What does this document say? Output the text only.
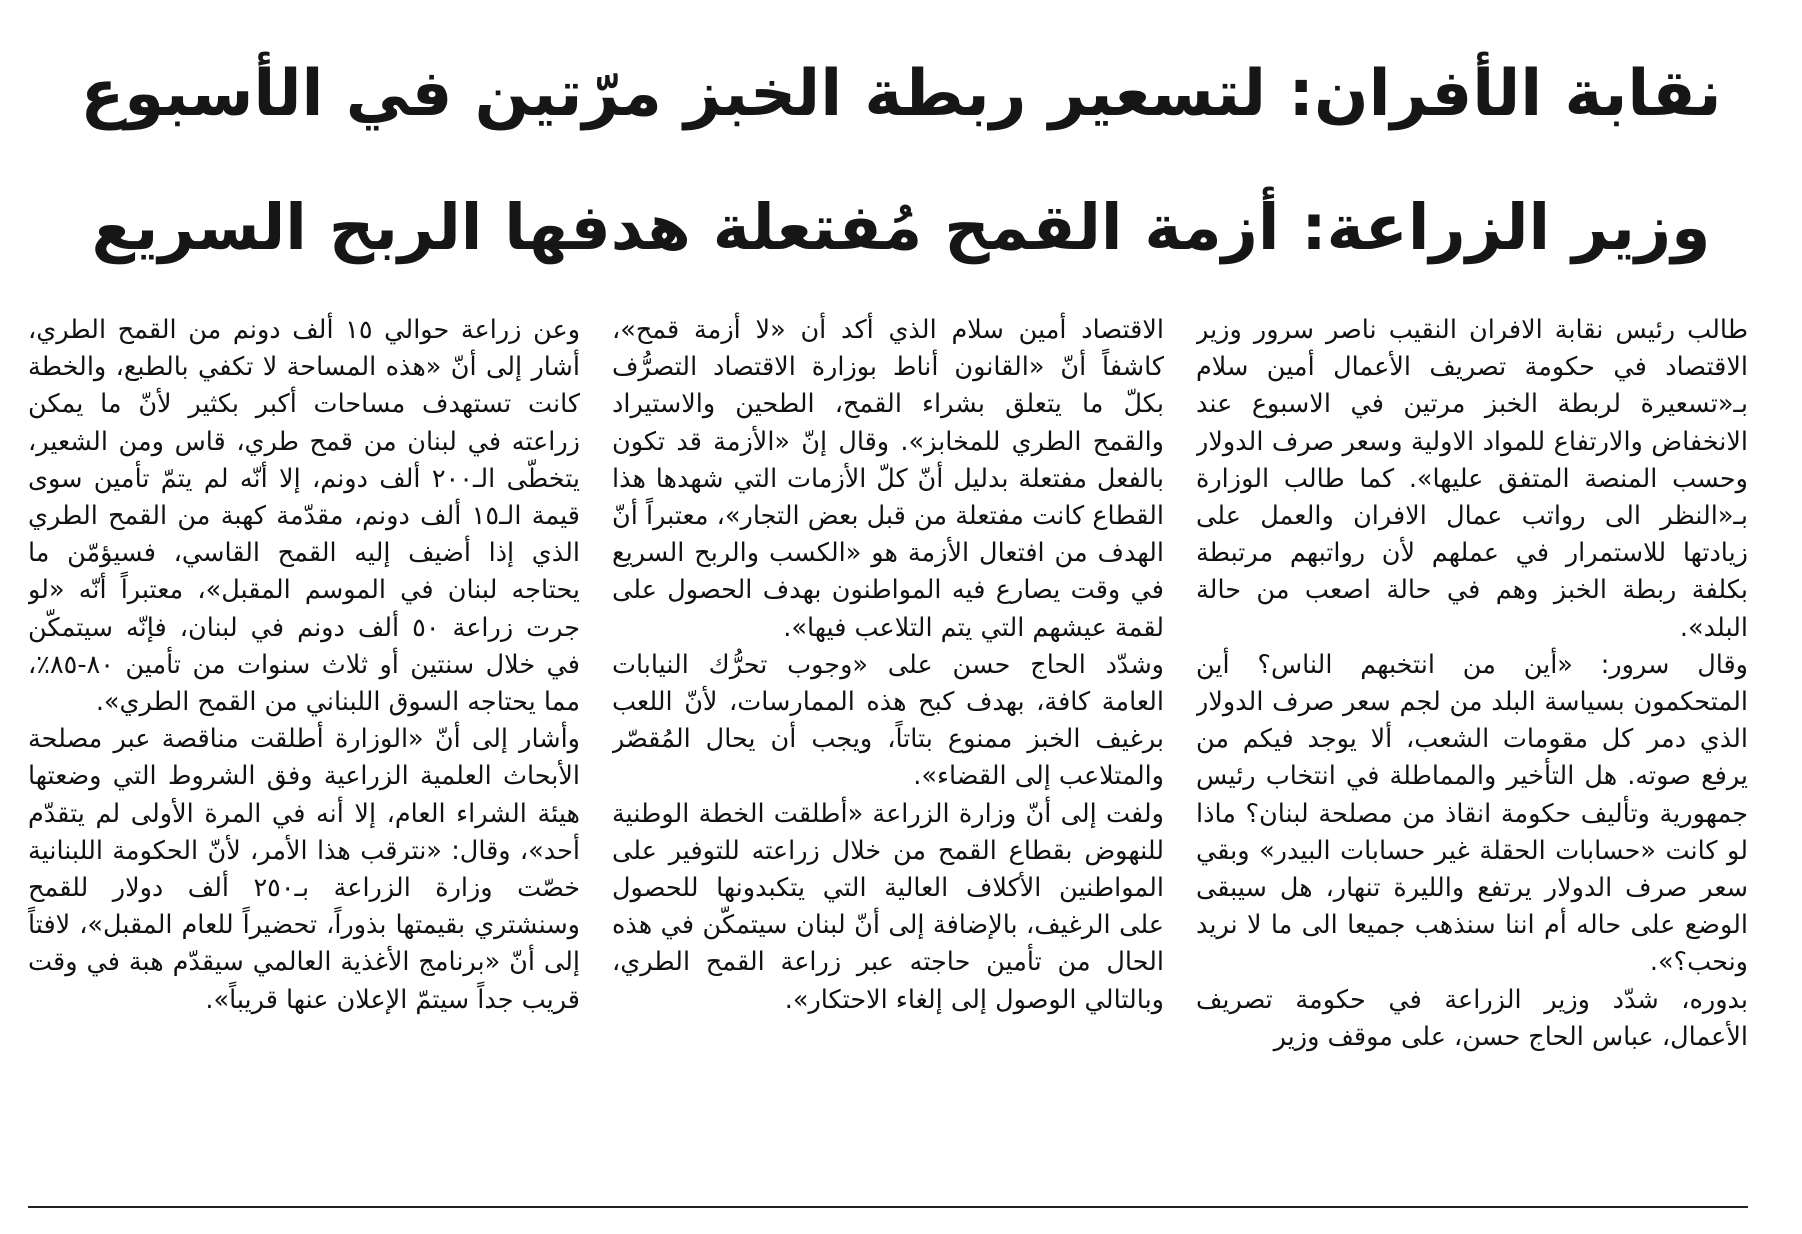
نقابة الأفران: لتسعير ربطة الخبز مرّتين في الأسبوع
وزير الزراعة: أزمة القمح مُفتعلة هدفها الربح السريع

طالب رئيس نقابة الافران النقيب ناصر سرور وزير الاقتصاد في حكومة تصريف الأعمال أمين سلام بـ«تسعيرة لربطة الخبز مرتين في الاسبوع عند الانخفاض والارتفاع للمواد الاولية وسعر صرف الدولار وحسب المنصة المتفق عليها». كما طالب الوزارة بـ«النظر الى رواتب عمال الافران والعمل على زيادتها للاستمرار في عملهم لأن رواتبهم مرتبطة بكلفة ربطة الخبز وهم في حالة اصعب من حالة البلد».
وقال سرور: «أين من انتخبهم الناس؟ أين المتحكمون بسياسة البلد من لجم سعر صرف الدولار الذي دمر كل مقومات الشعب، ألا يوجد فيكم من يرفع صوته. هل التأخير والمماطلة في انتخاب رئيس جمهورية وتأليف حكومة انقاذ من مصلحة لبنان؟ ماذا لو كانت «حسابات الحقلة غير حسابات البيدر» وبقي سعر صرف الدولار يرتفع والليرة تنهار، هل سيبقى الوضع على حاله أم اننا سنذهب جميعا الى ما لا نريد ونحب؟».
بدوره، شدّد وزير الزراعة في حكومة تصريف الأعمال، عباس الحاج حسن، على موقف وزير

الاقتصاد أمين سلام الذي أكد أن «لا أزمة قمح»، كاشفاً أنّ «القانون أناط بوزارة الاقتصاد التصرُّف بكلّ ما يتعلق بشراء القمح، الطحين والاستيراد والقمح الطري للمخابز». وقال إنّ «الأزمة قد تكون بالفعل مفتعلة بدليل أنّ كلّ الأزمات التي شهدها هذا القطاع كانت مفتعلة من قبل بعض التجار»، معتبراً أنّ الهدف من افتعال الأزمة هو «الكسب والربح السريع في وقت يصارع فيه المواطنون بهدف الحصول على لقمة عيشهم التي يتم التلاعب فيها».
وشدّد الحاج حسن على «وجوب تحرُّك النيابات العامة كافة، بهدف كبح هذه الممارسات، لأنّ اللعب برغيف الخبز ممنوع بتاتاً، ويجب أن يحال المُقصّر والمتلاعب إلى القضاء».
ولفت إلى أنّ وزارة الزراعة «أطلقت الخطة الوطنية للنهوض بقطاع القمح من خلال زراعته للتوفير على المواطنين الأكلاف العالية التي يتكبدونها للحصول على الرغيف، بالإضافة إلى أنّ لبنان سيتمكّن في هذه الحال من تأمين حاجته عبر زراعة القمح الطري، وبالتالي الوصول إلى إلغاء الاحتكار».

وعن زراعة حوالي ١٥ ألف دونم من القمح الطري، أشار إلى أنّ «هذه المساحة لا تكفي بالطبع، والخطة كانت تستهدف مساحات أكبر بكثير لأنّ ما يمكن زراعته في لبنان من قمح طري، قاس ومن الشعير، يتخطّى الـ٢٠٠ ألف دونم، إلا أنّه لم يتمّ تأمين سوى قيمة الـ١٥ ألف دونم، مقدّمة كهبة من القمح الطري الذي إذا أضيف إليه القمح القاسي، فسيؤمّن ما يحتاجه لبنان في الموسم المقبل»، معتبراً أنّه «لو جرت زراعة ٥٠ ألف دونم في لبنان، فإنّه سيتمكّن في خلال سنتين أو ثلاث سنوات من تأمين ٨٠-٨٥٪، مما يحتاجه السوق اللبناني من القمح الطري».
وأشار إلى أنّ «الوزارة أطلقت مناقصة عبر مصلحة الأبحاث العلمية الزراعية وفق الشروط التي وضعتها هيئة الشراء العام، إلا أنه في المرة الأولى لم يتقدّم أحد»، وقال: «نترقب هذا الأمر، لأنّ الحكومة اللبنانية خصّت وزارة الزراعة بـ٢٥٠ ألف دولار للقمح وسنشتري بقيمتها بذوراً، تحضيراً للعام المقبل»، لافتاً إلى أنّ «برنامج الأغذية العالمي سيقدّم هبة في وقت قريب جداً سيتمّ الإعلان عنها قريباً».
